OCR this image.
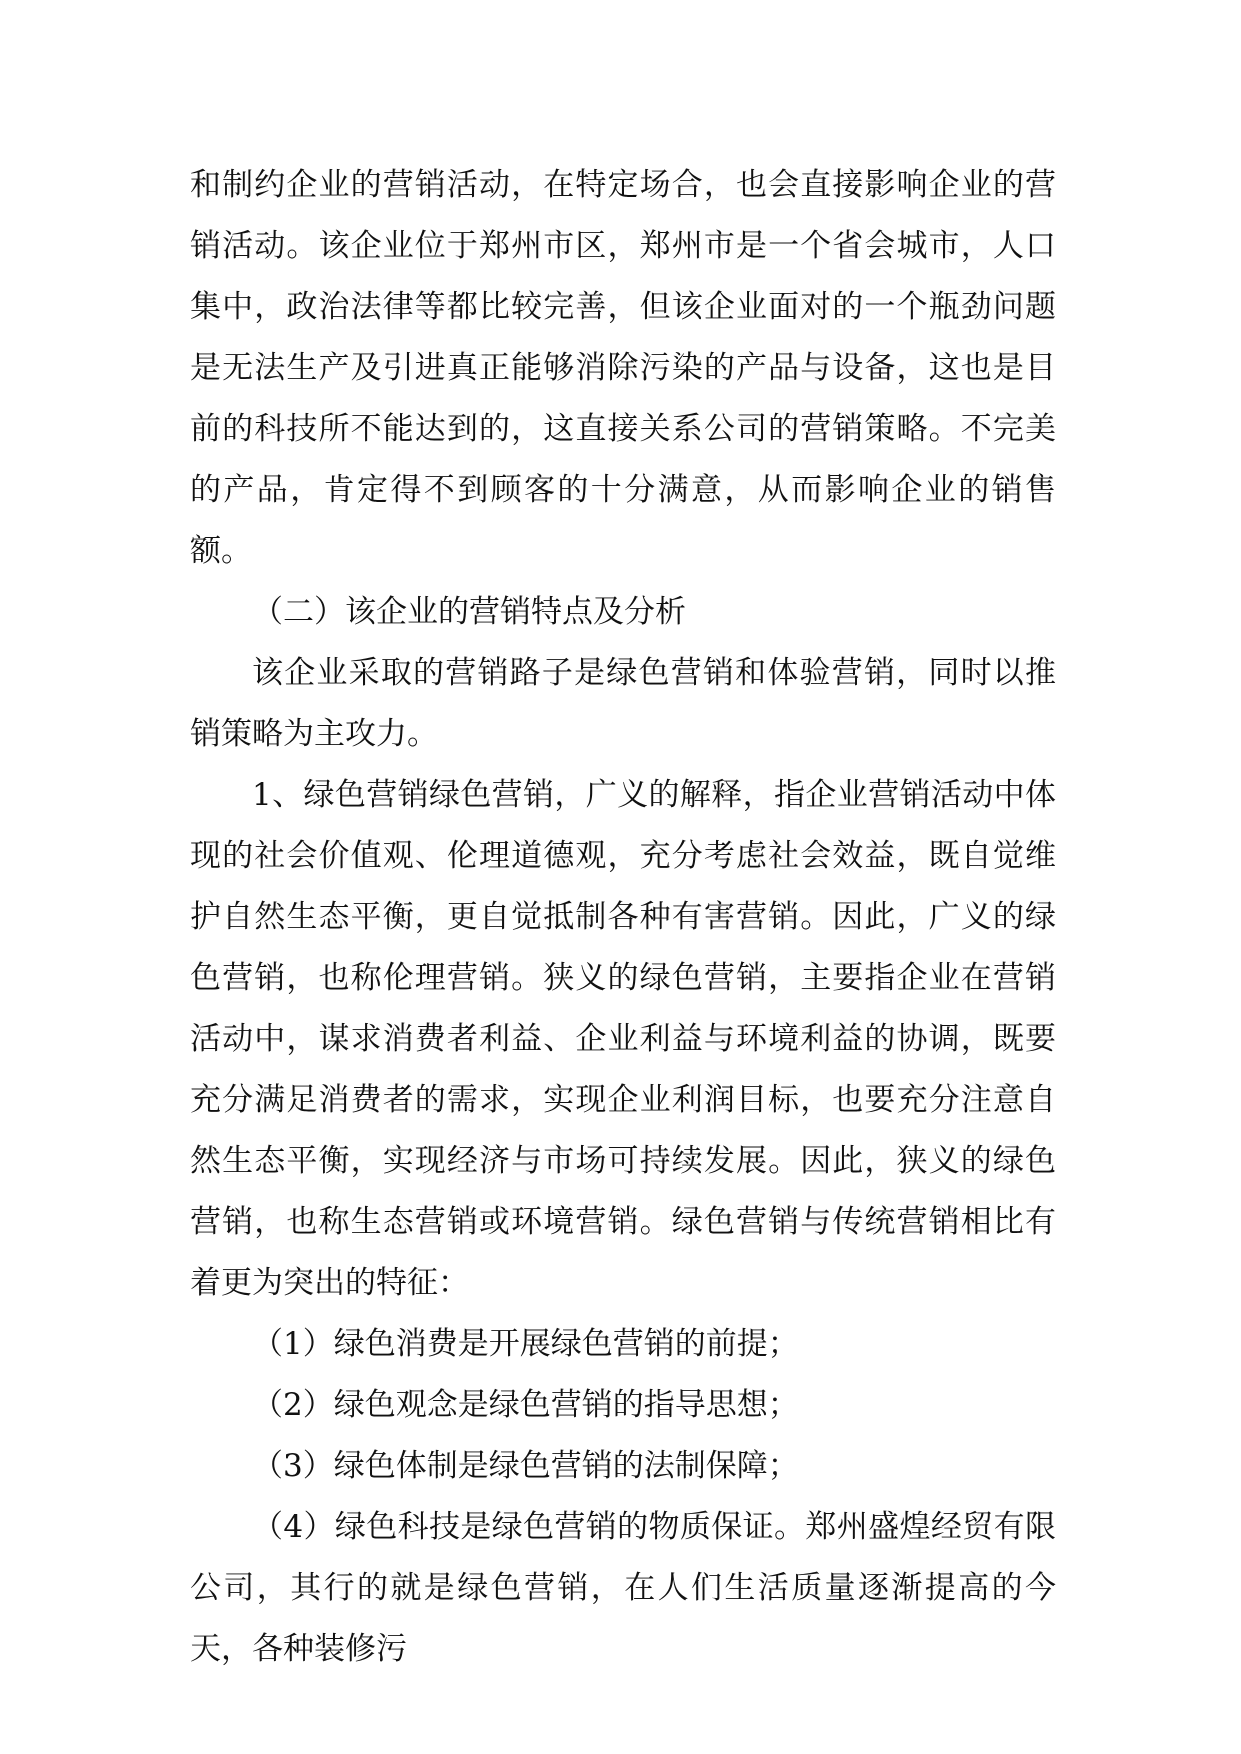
和制约企业的营销活动，在特定场合，也会直接影响企业的营销活动。该企业位于郑州市区，郑州市是一个省会城市，人口集中，政治法律等都比较完善，但该企业面对的一个瓶劲问题是无法生产及引进真正能够消除污染的产品与设备，这也是目前的科技所不能达到的，这直接关系公司的营销策略。不完美的产品，肯定得不到顾客的十分满意，从而影响企业的销售额。

（二）该企业的营销特点及分析

该企业采取的营销路子是绿色营销和体验营销，同时以推销策略为主攻力。

1、绿色营销绿色营销，广义的解释，指企业营销活动中体现的社会价值观、伦理道德观，充分考虑社会效益，既自觉维护自然生态平衡，更自觉抵制各种有害营销。因此，广义的绿色营销，也称伦理营销。狭义的绿色营销，主要指企业在营销活动中，谋求消费者利益、企业利益与环境利益的协调，既要充分满足消费者的需求，实现企业利润目标，也要充分注意自然生态平衡，实现经济与市场可持续发展。因此，狭义的绿色营销，也称生态营销或环境营销。绿色营销与传统营销相比有着更为突出的特征：

（1）绿色消费是开展绿色营销的前提；

（2）绿色观念是绿色营销的指导思想；

（3）绿色体制是绿色营销的法制保障；

（4）绿色科技是绿色营销的物质保证。郑州盛煌经贸有限公司，其行的就是绿色营销，在人们生活质量逐渐提高的今天，各种装修污
